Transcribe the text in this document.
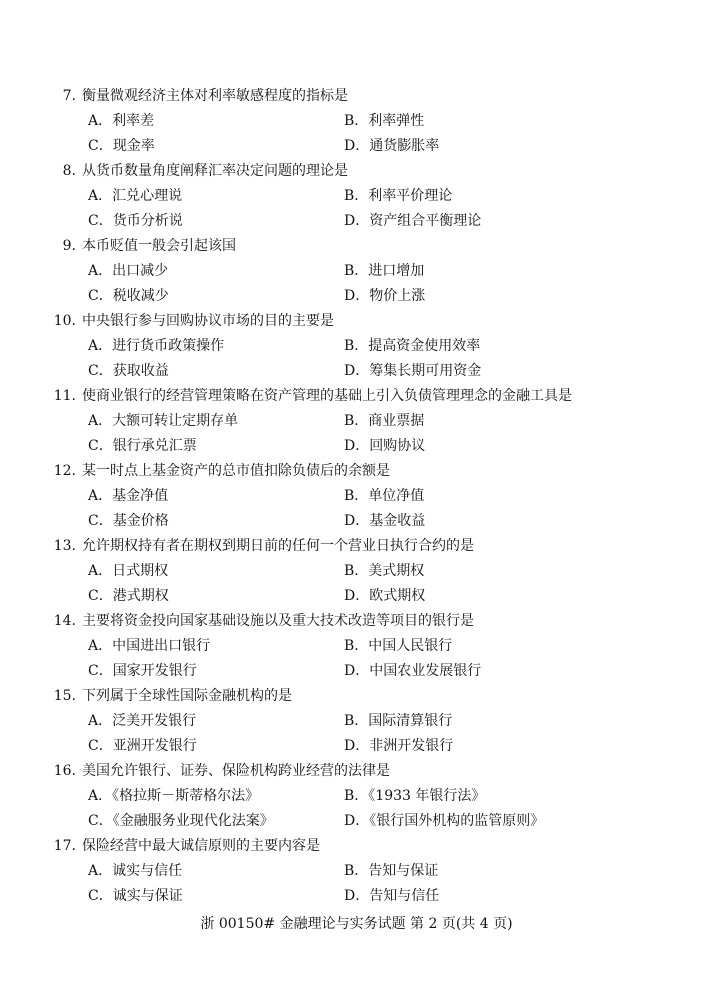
7. 衡量微观经济主体对利率敏感程度的指标是
A．利率差	B．利率弹性
C．现金率	D．通货膨胀率
8. 从货币数量角度阐释汇率决定问题的理论是
A．汇兑心理说	B．利率平价理论
C．货币分析说	D．资产组合平衡理论
9. 本币贬值一般会引起该国
A．出口减少	B．进口增加
C．税收减少	D．物价上涨
10. 中央银行参与回购协议市场的目的主要是
A．进行货币政策操作	B．提高资金使用效率
C．获取收益	D．筹集长期可用资金
11. 使商业银行的经营管理策略在资产管理的基础上引入负债管理理念的金融工具是
A．大额可转让定期存单	B．商业票据
C．银行承兑汇票	D．回购协议
12. 某一时点上基金资产的总市值扣除负债后的余额是
A．基金净值	B．单位净值
C．基金价格	D．基金收益
13. 允许期权持有者在期权到期日前的任何一个营业日执行合约的是
A．日式期权	B．美式期权
C．港式期权	D．欧式期权
14. 主要将资金投向国家基础设施以及重大技术改造等项目的银行是
A．中国进出口银行	B．中国人民银行
C．国家开发银行	D．中国农业发展银行
15. 下列属于全球性国际金融机构的是
A．泛美开发银行	B．国际清算银行
C．亚洲开发银行	D．非洲开发银行
16. 美国允许银行、证券、保险机构跨业经营的法律是
A．《格拉斯－斯蒂格尔法》	B．《1933 年银行法》
C．《金融服务业现代化法案》	D．《银行国外机构的监管原则》
17. 保险经营中最大诚信原则的主要内容是
A．诚实与信任	B．告知与保证
C．诚实与保证	D．告知与信任
浙 00150# 金融理论与实务试题 第 2 页(共 4 页)
